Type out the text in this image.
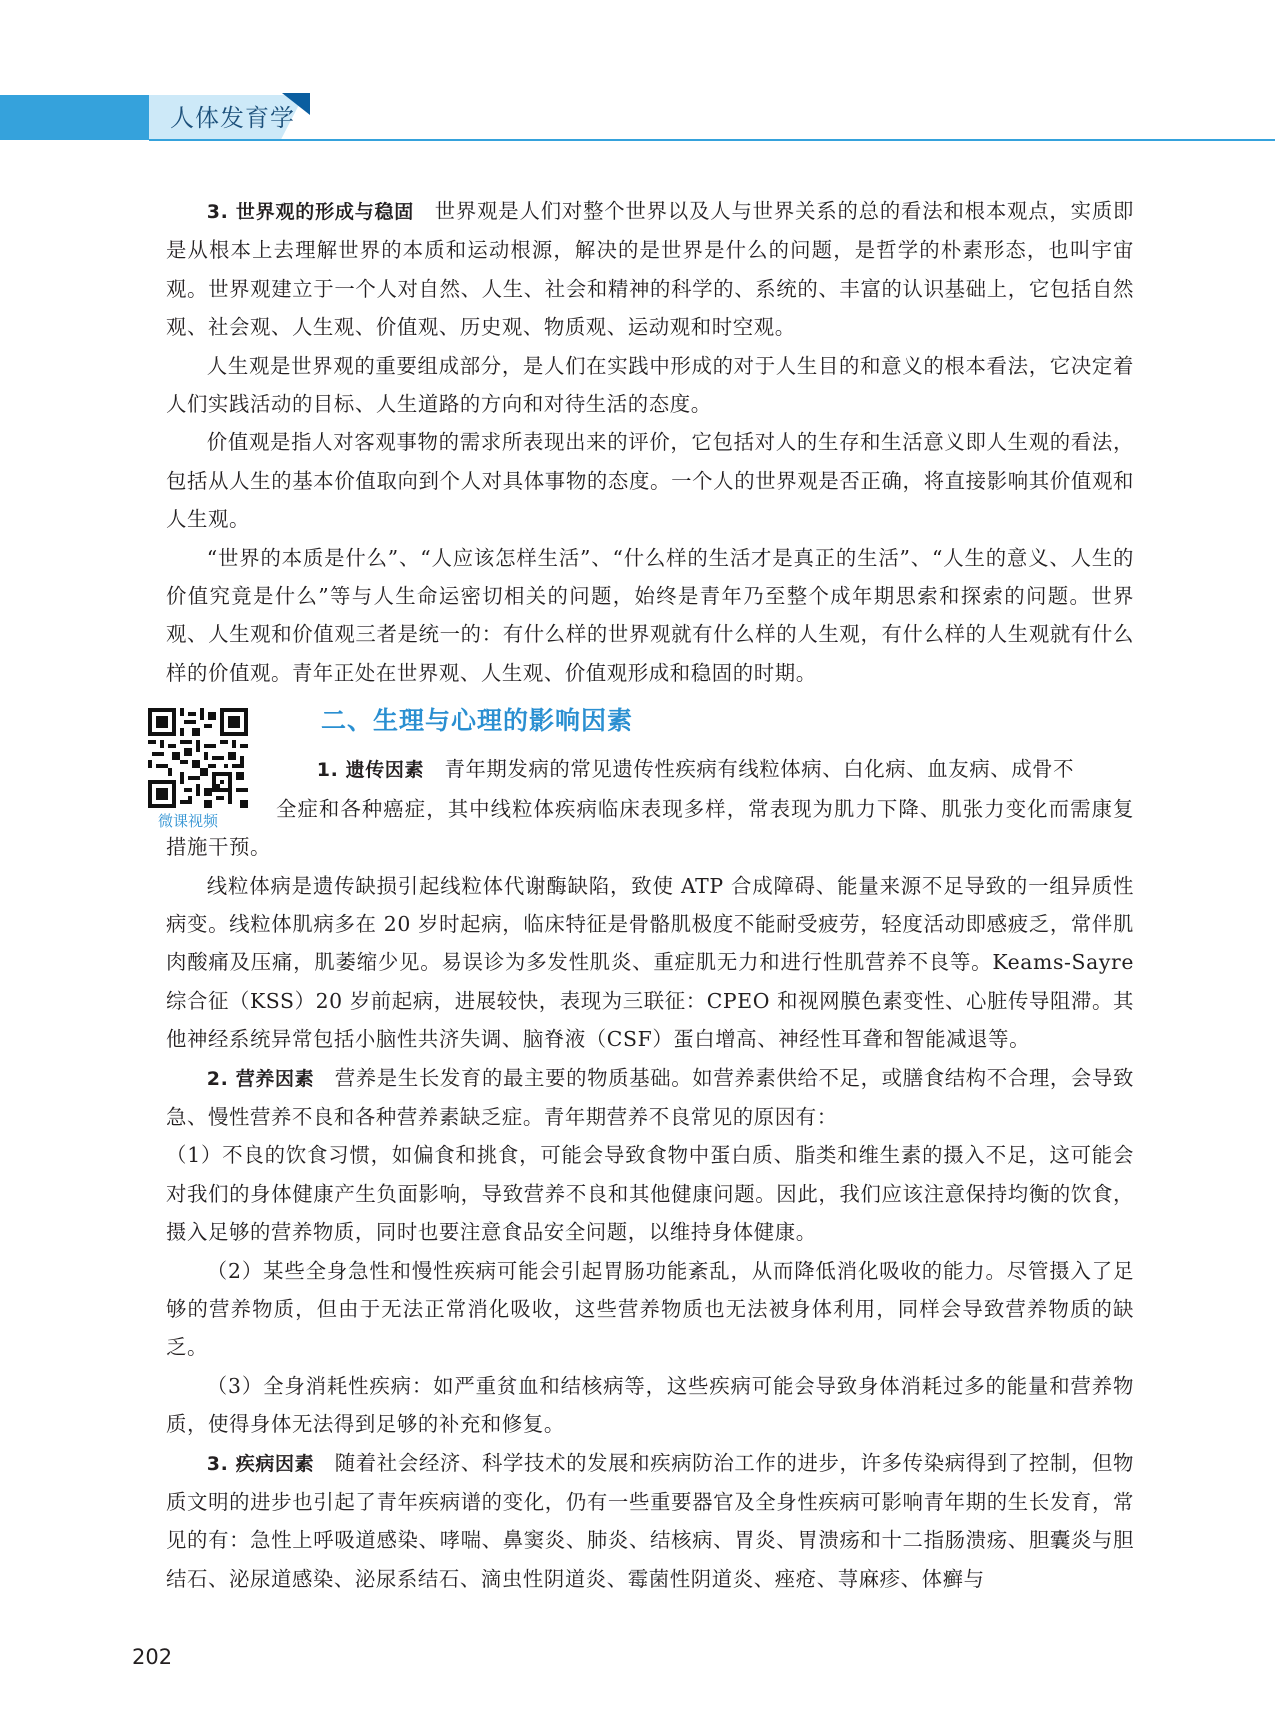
人体发育学
微课视频

3. 世界观的形成与稳固 世界观是人们对整个世界以及人与世界关系的总的看法和根本观点，实质即是从根本上去理解世界的本质和运动根源，解决的是世界是什么的问题，是哲学的朴素形态，也叫宇宙观。世界观建立于一个人对自然、人生、社会和精神的科学的、系统的、丰富的认识基础上，它包括自然观、社会观、人生观、价值观、历史观、物质观、运动观和时空观。

人生观是世界观的重要组成部分，是人们在实践中形成的对于人生目的和意义的根本看法，它决定着人们实践活动的目标、人生道路的方向和对待生活的态度。

价值观是指人对客观事物的需求所表现出来的评价，它包括对人的生存和生活意义即人生观的看法，包括从人生的基本价值取向到个人对具体事物的态度。一个人的世界观是否正确，将直接影响其价值观和人生观。

“世界的本质是什么”、“人应该怎样生活”、“什么样的生活才是真正的生活”、“人生的意义、人生的价值究竟是什么”等与人生命运密切相关的问题，始终是青年乃至整个成年期思索和探索的问题。世界观、人生观和价值观三者是统一的：有什么样的世界观就有什么样的人生观，有什么样的人生观就有什么样的价值观。青年正处在世界观、人生观、价值观形成和稳固的时期。

二、生理与心理的影响因素

1. 遗传因素 青年期发病的常见遗传性疾病有线粒体病、白化病、血友病、成骨不

全症和各种癌症，其中线粒体疾病临床表现多样，常表现为肌力下降、肌张力变化而需康复措施干预。

线粒体病是遗传缺损引起线粒体代谢酶缺陷，致使 ATP 合成障碍、能量来源不足导致的一组异质性病变。线粒体肌病多在 20 岁时起病，临床特征是骨骼肌极度不能耐受疲劳，轻度活动即感疲乏，常伴肌肉酸痛及压痛，肌萎缩少见。易误诊为多发性肌炎、重症肌无力和进行性肌营养不良等。Keams-Sayre 综合征（KSS）20 岁前起病，进展较快，表现为三联征：CPEO 和视网膜色素变性、心脏传导阻滞。其他神经系统异常包括小脑性共济失调、脑脊液（CSF）蛋白增高、神经性耳聋和智能减退等。

2. 营养因素 营养是生长发育的最主要的物质基础。如营养素供给不足，或膳食结构不合理，会导致急、慢性营养不良和各种营养素缺乏症。青年期营养不良常见的原因有：

（1）不良的饮食习惯，如偏食和挑食，可能会导致食物中蛋白质、脂类和维生素的摄入不足，这可能会对我们的身体健康产生负面影响，导致营养不良和其他健康问题。因此，我们应该注意保持均衡的饮食，摄入足够的营养物质，同时也要注意食品安全问题，以维持身体健康。

（2）某些全身急性和慢性疾病可能会引起胃肠功能紊乱，从而降低消化吸收的能力。尽管摄入了足够的营养物质，但由于无法正常消化吸收，这些营养物质也无法被身体利用，同样会导致营养物质的缺乏。

（3）全身消耗性疾病：如严重贫血和结核病等，这些疾病可能会导致身体消耗过多的能量和营养物质，使得身体无法得到足够的补充和修复。

3. 疾病因素 随着社会经济、科学技术的发展和疾病防治工作的进步，许多传染病得到了控制，但物质文明的进步也引起了青年疾病谱的变化，仍有一些重要器官及全身性疾病可影响青年期的生长发育，常见的有：急性上呼吸道感染、哮喘、鼻窦炎、肺炎、结核病、胃炎、胃溃疡和十二指肠溃疡、胆囊炎与胆结石、泌尿道感染、泌尿系结石、滴虫性阴道炎、霉菌性阴道炎、痤疮、荨麻疹、体癣与

202
